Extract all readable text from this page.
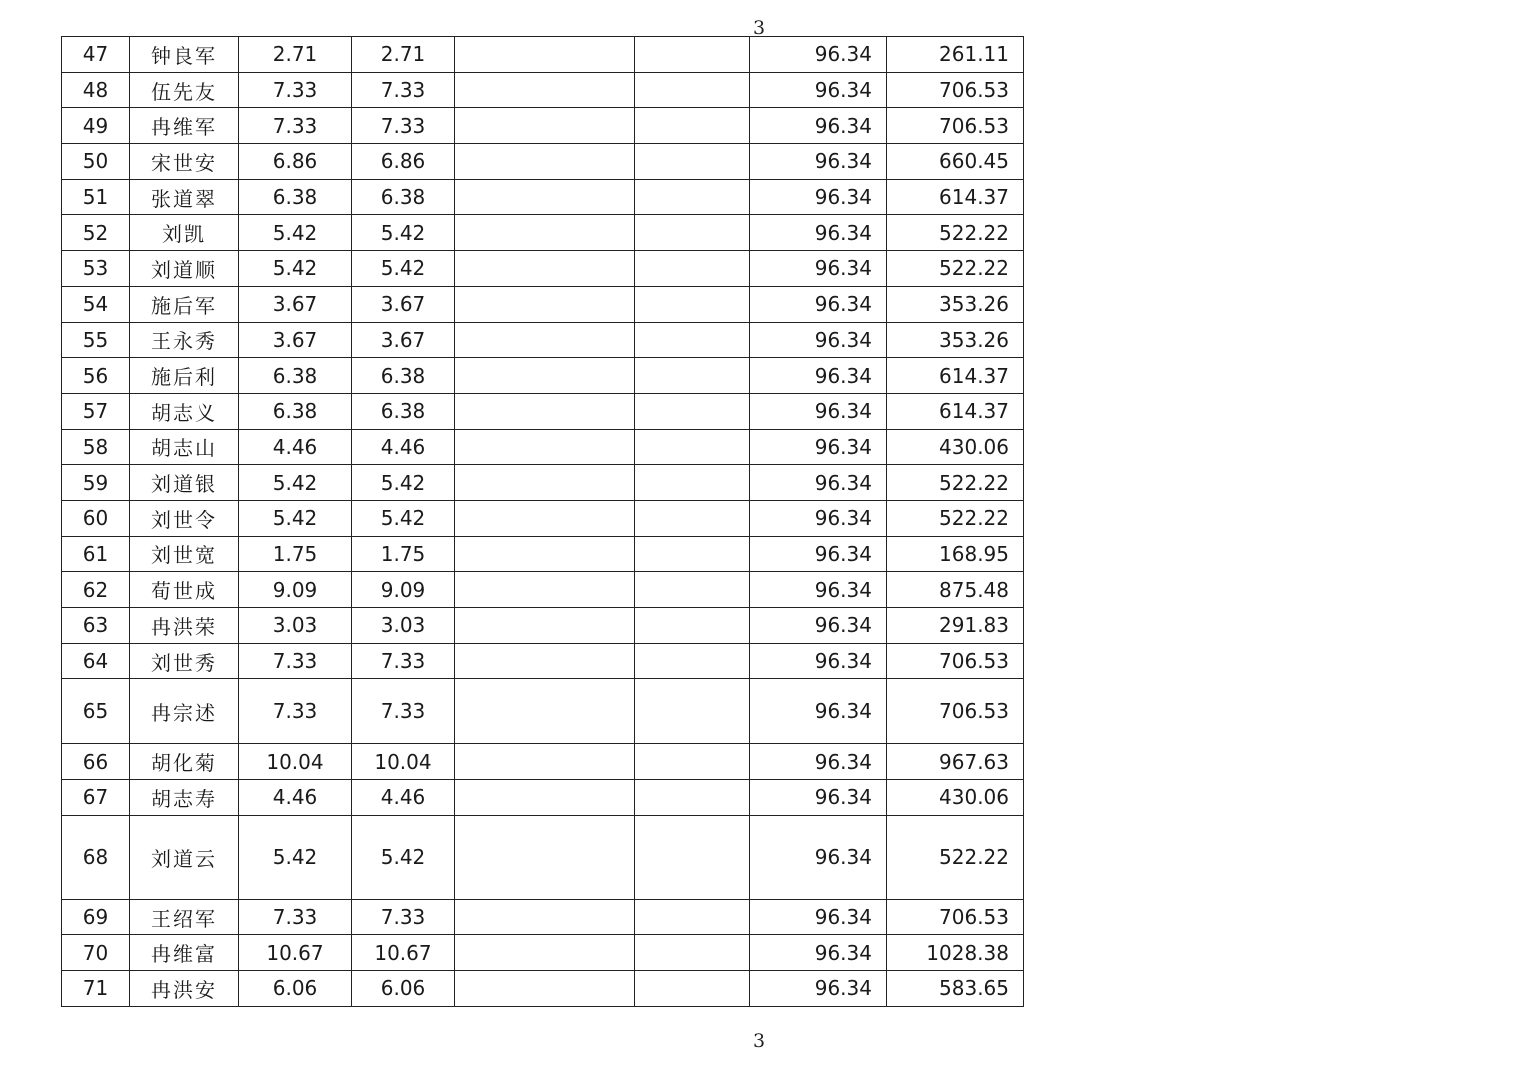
3
47	钟良军	2.71	2.71			96.34	261.11
48	伍先友	7.33	7.33			96.34	706.53
49	冉维军	7.33	7.33			96.34	706.53
50	宋世安	6.86	6.86			96.34	660.45
51	张道翠	6.38	6.38			96.34	614.37
52	刘凯	5.42	5.42			96.34	522.22
53	刘道顺	5.42	5.42			96.34	522.22
54	施后军	3.67	3.67			96.34	353.26
55	王永秀	3.67	3.67			96.34	353.26
56	施后利	6.38	6.38			96.34	614.37
57	胡志义	6.38	6.38			96.34	614.37
58	胡志山	4.46	4.46			96.34	430.06
59	刘道银	5.42	5.42			96.34	522.22
60	刘世令	5.42	5.42			96.34	522.22
61	刘世宽	1.75	1.75			96.34	168.95
62	荀世成	9.09	9.09			96.34	875.48
63	冉洪荣	3.03	3.03			96.34	291.83
64	刘世秀	7.33	7.33			96.34	706.53
65	冉宗述	7.33	7.33			96.34	706.53
66	胡化菊	10.04	10.04			96.34	967.63
67	胡志寿	4.46	4.46			96.34	430.06
68	刘道云	5.42	5.42			96.34	522.22
69	王绍军	7.33	7.33			96.34	706.53
70	冉维富	10.67	10.67			96.34	1028.38
71	冉洪安	6.06	6.06			96.34	583.65
3
